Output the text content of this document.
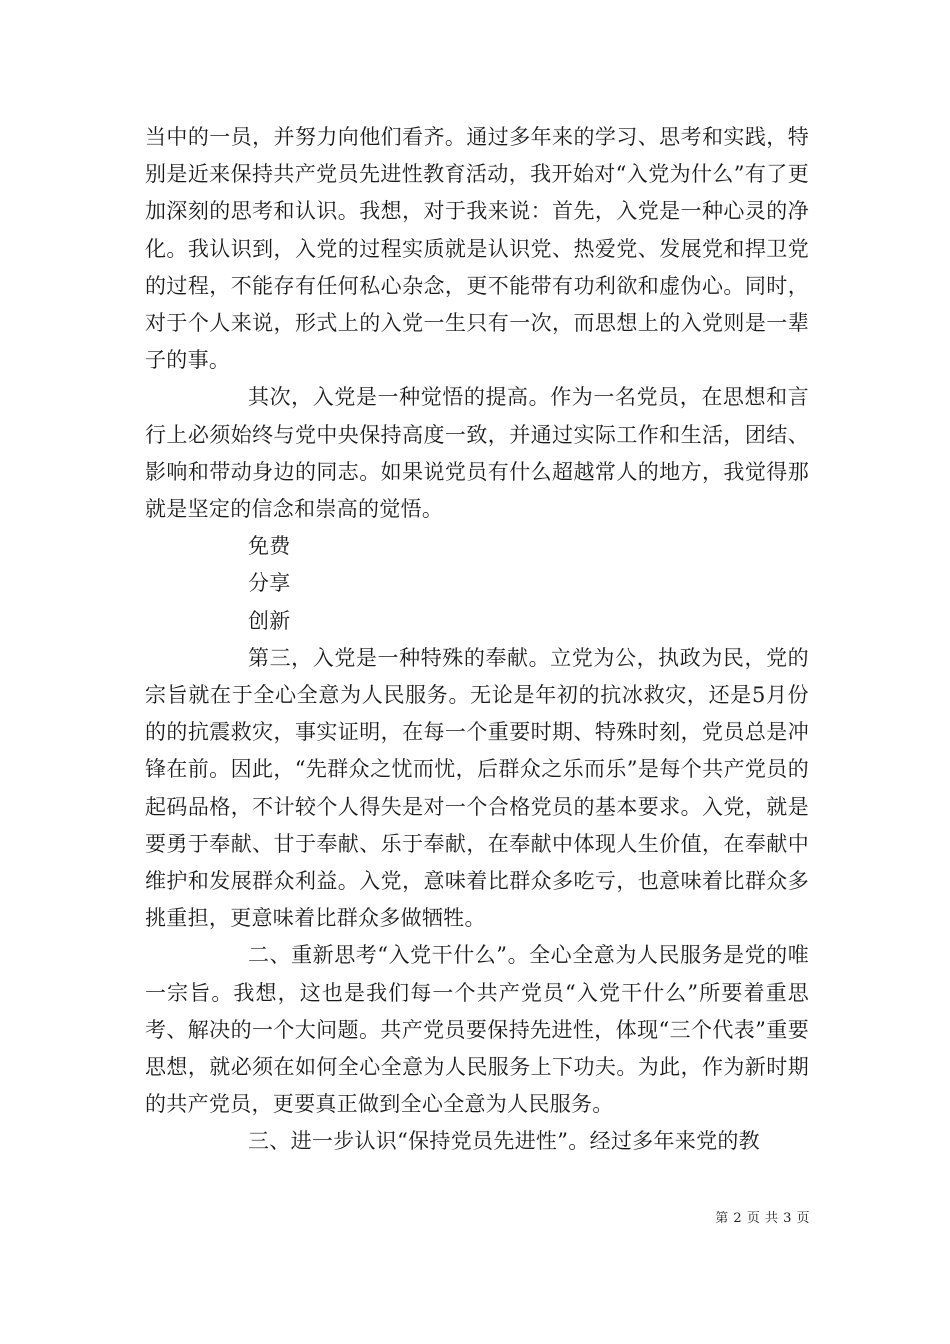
当中的一员，并努力向他们看齐。通过多年来的学习、思考和实践，特别是近来保持共产党员先进性教育活动，我开始对“入党为什么”有了更加深刻的思考和认识。我想，对于我来说：首先，入党是一种心灵的净化。我认识到，入党的过程实质就是认识党、热爱党、发展党和捍卫党的过程，不能存有任何私心杂念，更不能带有功利欲和虚伪心。同时，对于个人来说，形式上的入党一生只有一次，而思想上的入党则是一辈子的事。

其次，入党是一种觉悟的提高。作为一名党员，在思想和言行上必须始终与党中央保持高度一致，并通过实际工作和生活，团结、影响和带动身边的同志。如果说党员有什么超越常人的地方，我觉得那就是坚定的信念和崇高的觉悟。

免费

分享

创新

第三，入党是一种特殊的奉献。立党为公，执政为民，党的宗旨就在于全心全意为人民服务。无论是年初的抗冰救灾，还是5月份的的抗震救灾，事实证明，在每一个重要时期、特殊时刻，党员总是冲锋在前。因此，“先群众之忧而忧，后群众之乐而乐”是每个共产党员的起码品格，不计较个人得失是对一个合格党员的基本要求。入党，就是要勇于奉献、甘于奉献、乐于奉献，在奉献中体现人生价值，在奉献中维护和发展群众利益。入党，意味着比群众多吃亏，也意味着比群众多挑重担，更意味着比群众多做牺牲。

二、重新思考“入党干什么”。全心全意为人民服务是党的唯一宗旨。我想，这也是我们每一个共产党员“入党干什么”所要着重思考、解决的一个大问题。共产党员要保持先进性，体现“三个代表”重要思想，就必须在如何全心全意为人民服务上下功夫。为此，作为新时期的共产党员，更要真正做到全心全意为人民服务。

三、进一步认识“保持党员先进性”。经过多年来党的教

第 2 页 共 3 页
